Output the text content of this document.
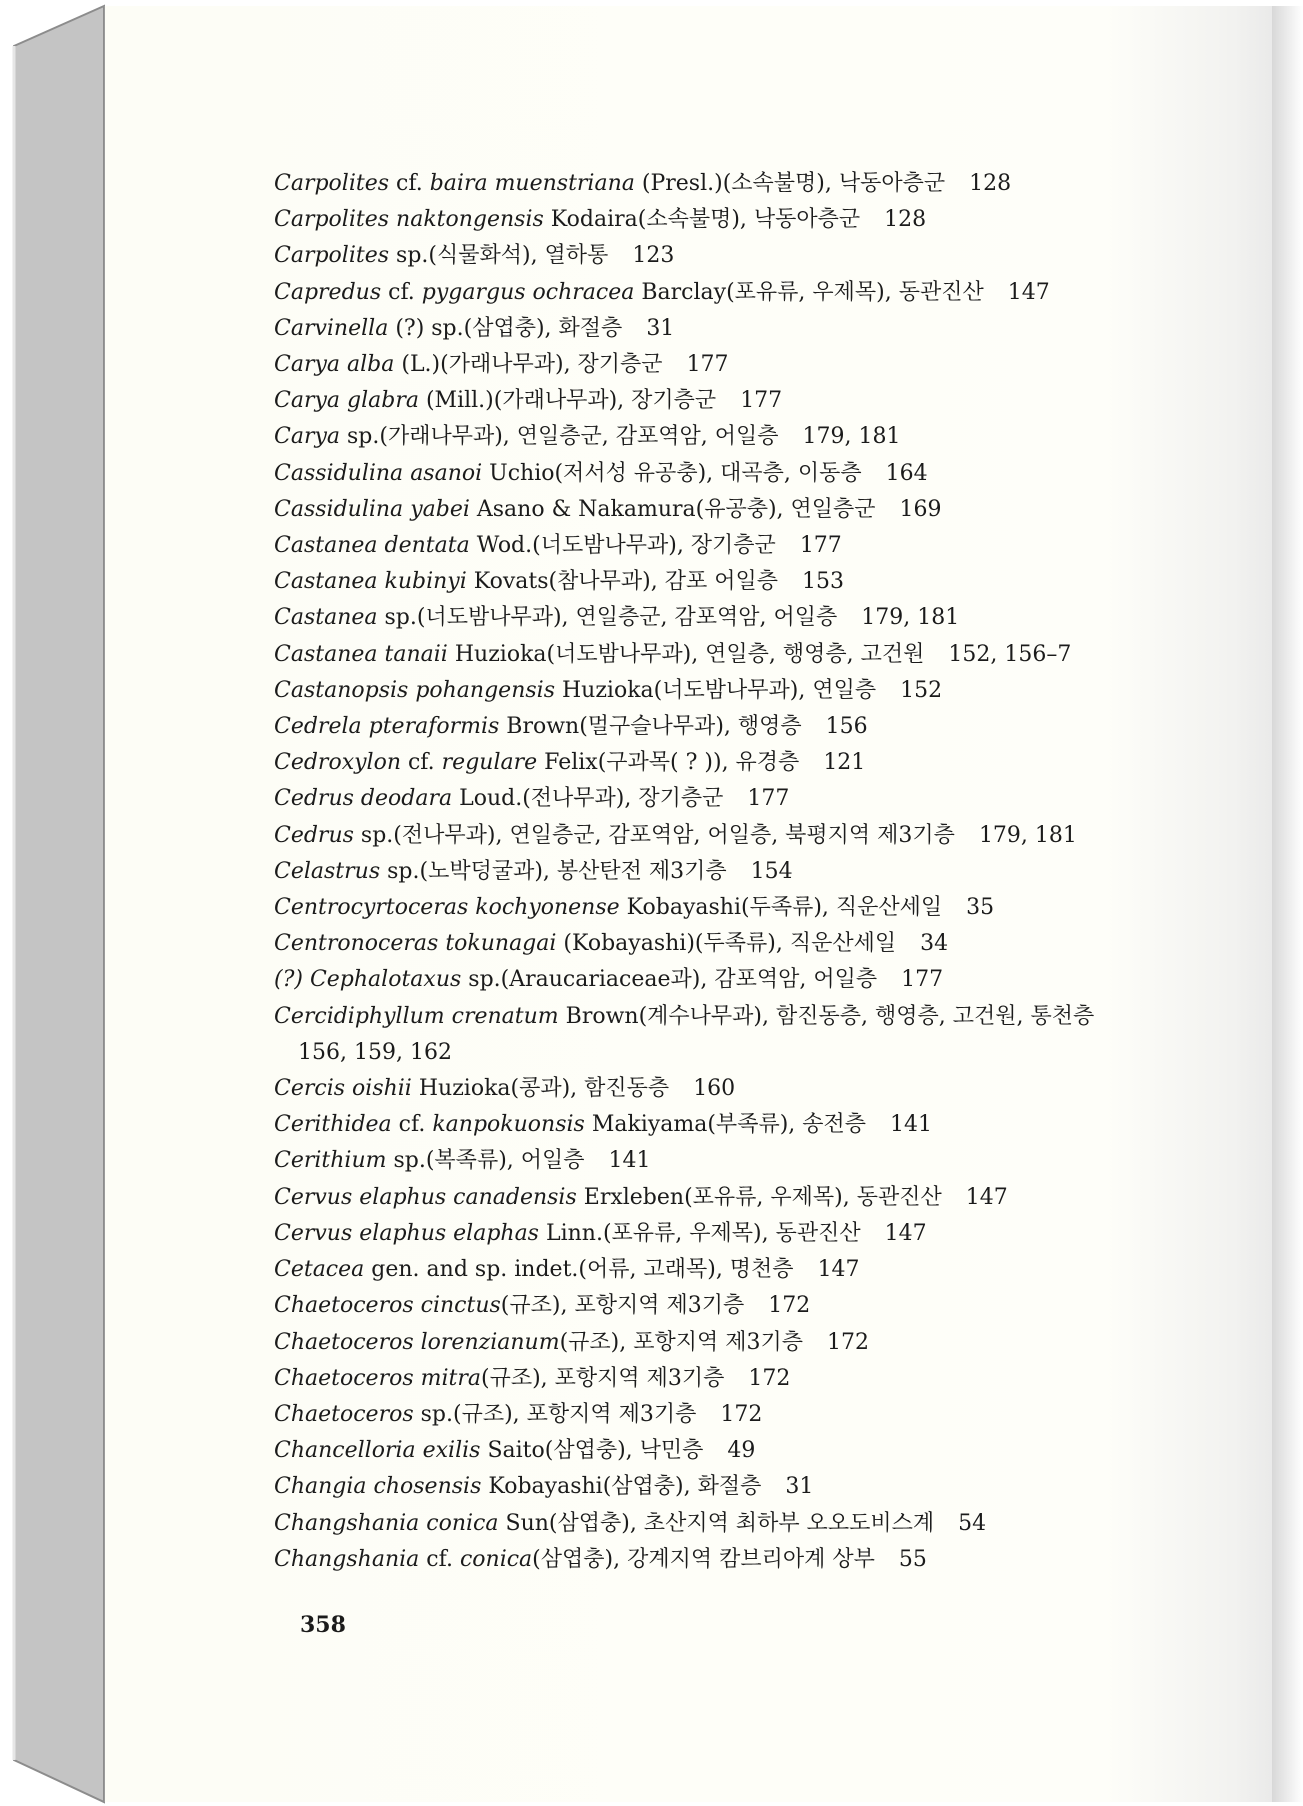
Carpolites cf. baira muenstriana (Presl.)(소속불명), 낙동아층군 128
Carpolites naktongensis Kodaira(소속불명), 낙동아층군 128
Carpolites sp.(식물화석), 열하통 123
Capredus cf. pygargus ochracea Barclay(포유류, 우제목), 동관진산 147
Carvinella (?) sp.(삼엽충), 화절층 31
Carya alba (L.)(가래나무과), 장기층군 177
Carya glabra (Mill.)(가래나무과), 장기층군 177
Carya sp.(가래나무과), 연일층군, 감포역암, 어일층 179, 181
Cassidulina asanoi Uchio(저서성 유공충), 대곡층, 이동층 164
Cassidulina yabei Asano & Nakamura(유공충), 연일층군 169
Castanea dentata Wod.(너도밤나무과), 장기층군 177
Castanea kubinyi Kovats(참나무과), 감포 어일층 153
Castanea sp.(너도밤나무과), 연일층군, 감포역암, 어일층 179, 181
Castanea tanaii Huzioka(너도밤나무과), 연일층, 행영층, 고건원 152, 156–7
Castanopsis pohangensis Huzioka(너도밤나무과), 연일층 152
Cedrela pteraformis Brown(멀구슬나무과), 행영층 156
Cedroxylon cf. regulare Felix(구과목( ? )), 유경층 121
Cedrus deodara Loud.(전나무과), 장기층군 177
Cedrus sp.(전나무과), 연일층군, 감포역암, 어일층, 북평지역 제3기층 179, 181
Celastrus sp.(노박덩굴과), 봉산탄전 제3기층 154
Centrocyrtoceras kochyonense Kobayashi(두족류), 직운산세일 35
Centronoceras tokunagai (Kobayashi)(두족류), 직운산세일 34
(?) Cephalotaxus sp.(Araucariaceae과), 감포역암, 어일층 177
Cercidiphyllum crenatum Brown(계수나무과), 함진동층, 행영층, 고건원, 통천층
156, 159, 162
Cercis oishii Huzioka(콩과), 함진동층 160
Cerithidea cf. kanpokuonsis Makiyama(부족류), 송전층 141
Cerithium sp.(복족류), 어일층 141
Cervus elaphus canadensis Erxleben(포유류, 우제목), 동관진산 147
Cervus elaphus elaphas Linn.(포유류, 우제목), 동관진산 147
Cetacea gen. and sp. indet.(어류, 고래목), 명천층 147
Chaetoceros cinctus(규조), 포항지역 제3기층 172
Chaetoceros lorenzianum(규조), 포항지역 제3기층 172
Chaetoceros mitra(규조), 포항지역 제3기층 172
Chaetoceros sp.(규조), 포항지역 제3기층 172
Chancelloria exilis Saito(삼엽충), 낙민층 49
Changia chosensis Kobayashi(삼엽충), 화절층 31
Changshania conica Sun(삼엽충), 초산지역 최하부 오오도비스계 54
Changshania cf. conica(삼엽충), 강계지역 캄브리아계 상부 55
358
